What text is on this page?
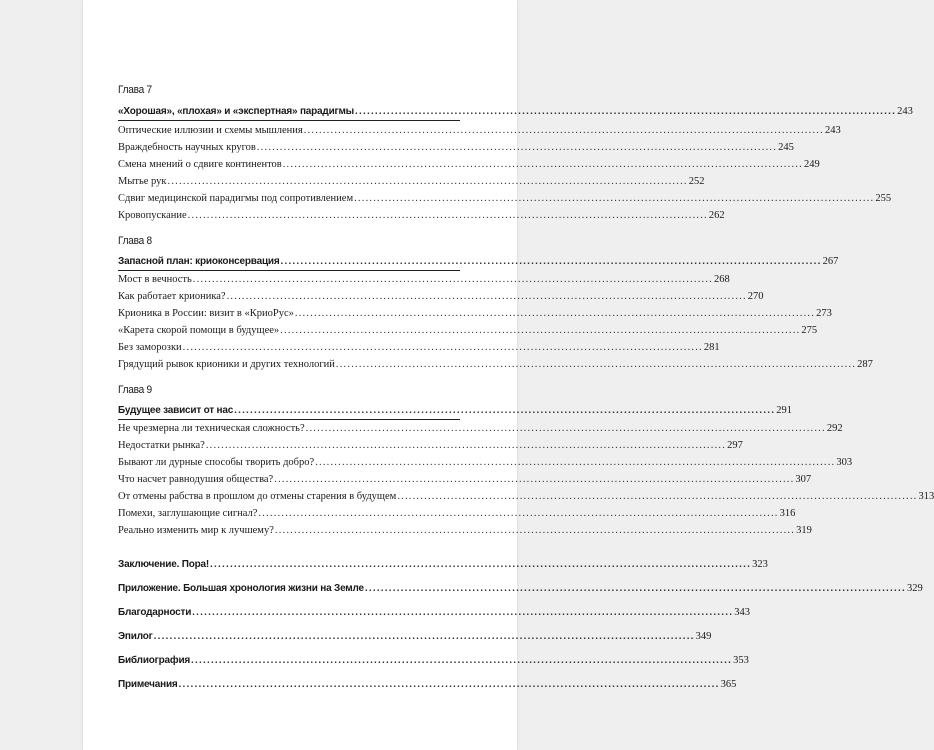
Глава 7
«Хорошая», «плохая» и «экспертная» парадигмы .....	243
Оптические иллюзии и схемы мышления .....	243
Враждебность научных кругов .....	245
Смена мнений о сдвиге континентов .....	249
Мытье рук .....	252
Сдвиг медицинской парадигмы под сопротивлением .....	255
Кровопускание .....	262
Глава 8
Запасной план: криоконсервация .....	267
Мост в вечность .....	268
Как работает крионика? .....	270
Крионика в России: визит в «КриоРус» .....	273
«Карета скорой помощи в будущее» .....	275
Без заморозки .....	281
Грядущий рывок крионики и других технологий .....	287
Глава 9
Будущее зависит от нас .....	291
Не чрезмерна ли техническая сложность? .....	292
Недостатки рынка? .....	297
Бывают ли дурные способы творить добро? .....	303
Что насчет равнодушия общества? .....	307
От отмены рабства в прошлом до отмены старения в будущем .....	313
Помехи, заглушающие сигнал? .....	316
Реально изменить мир к лучшему? .....	319
Заключение. Пора! .....	323
Приложение. Большая хронология жизни на Земле .....	329
Благодарности .....	343
Эпилог .....	349
Библиография .....	353
Примечания .....	365
